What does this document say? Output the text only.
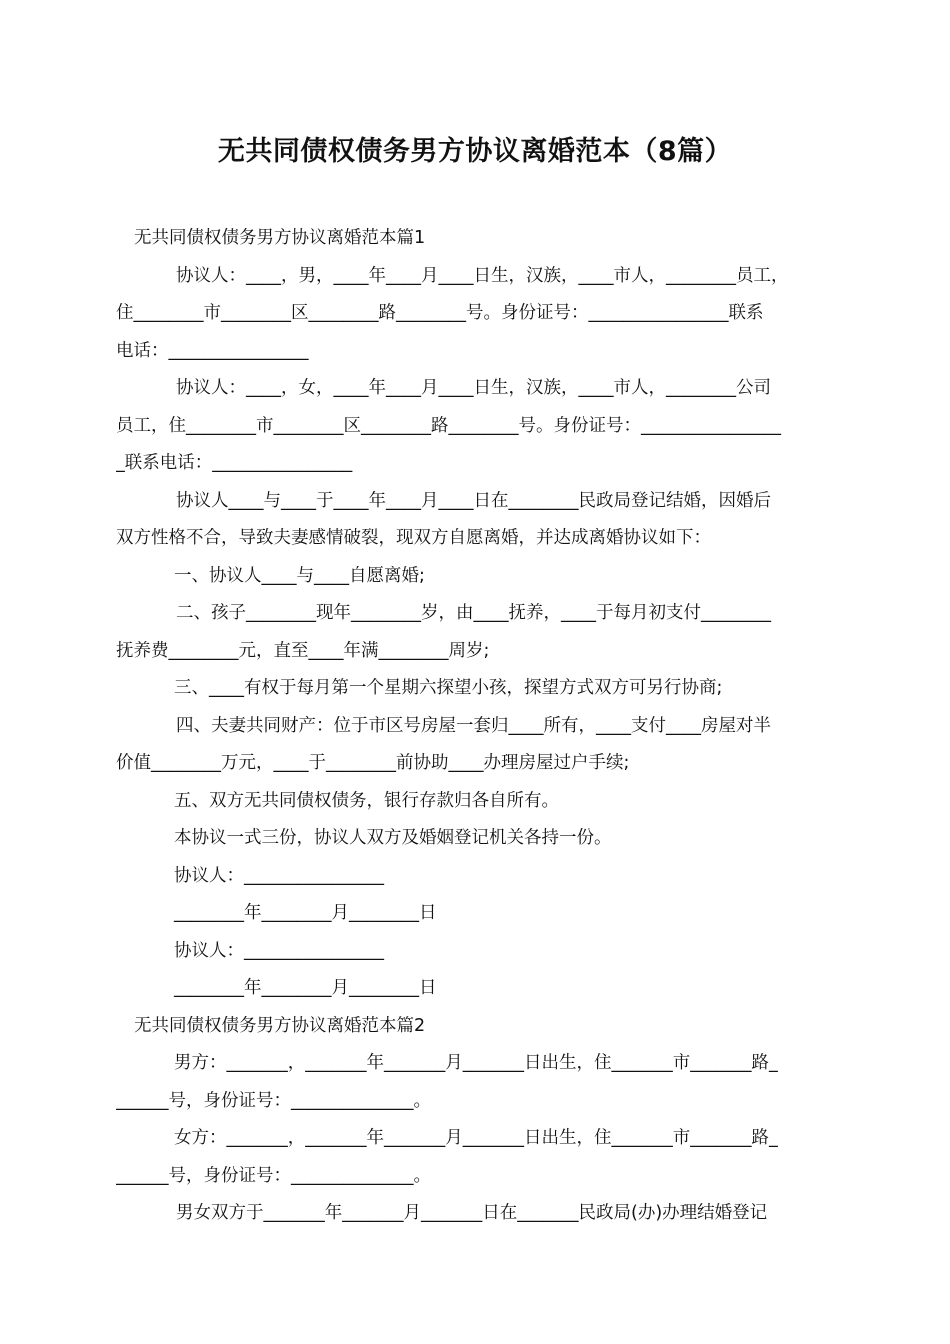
无共同债权债务男方协议离婚范本（8篇）
无共同债权债务男方协议离婚范本篇1
协议人：____，男，____年____月____日生，汉族，____市人，________员工，
住________市________区________路________号。身份证号：________________联系
电话：________________
协议人：____，女，____年____月____日生，汉族，____市人，________公司
员工，住________市________区________路________号。身份证号：________________
_联系电话：________________
协议人____与____于____年____月____日在________民政局登记结婚，因婚后
双方性格不合，导致夫妻感情破裂，现双方自愿离婚，并达成离婚协议如下：
一、协议人____与____自愿离婚;
二、孩子________现年________岁，由____抚养，____于每月初支付________
抚养费________元，直至____年满________周岁;
三、____有权于每月第一个星期六探望小孩，探望方式双方可另行协商;
四、夫妻共同财产：位于市区号房屋一套归____所有，____支付____房屋对半
价值________万元，____于________前协助____办理房屋过户手续;
五、双方无共同债权债务，银行存款归各自所有。
本协议一式三份，协议人双方及婚姻登记机关各持一份。
协议人：________________
________年________月________日
协议人：________________
________年________月________日
无共同债权债务男方协议离婚范本篇2
男方：_______，_______年_______月_______日出生，住_______市_______路_
______号，身份证号：______________。
女方：_______，_______年_______月_______日出生，住_______市_______路_
______号，身份证号：______________。
男女双方于_______年_______月_______日在_______民政局(办)办理结婚登记
